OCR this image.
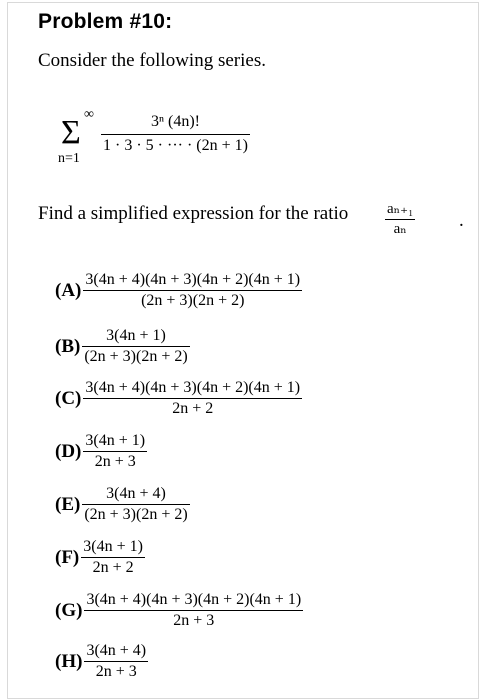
Problem #10:
Consider the following series.
∞
Σ
n=1
3ⁿ (4n)!
1 · 3 · 5 · ··· · (2n + 1)
Find a simplified expression for the ratio	aₙ₊₁
aₙ	.
$(A) \frac{3(4n + 4)(4n + 3)(4n + 2)(4n + 1)}{(2n + 3)(2n + 2)}$
$(B) \frac{3(4n + 1)}{(2n + 3)(2n + 2)}$
$(C) \frac{3(4n + 4)(4n + 3)(4n + 2)(4n + 1)}{2n + 2}$
$(D) \frac{3(4n + 1)}{2n + 3}$
$(E) \frac{3(4n + 4)}{(2n + 3)(2n + 2)}$
$(F) \frac{3(4n + 1)}{2n + 2}$
$(G) \frac{3(4n + 4)(4n + 3)(4n + 2)(4n + 1)}{2n + 3}$
$(H) \frac{3(4n + 4)}{2n + 3}$
